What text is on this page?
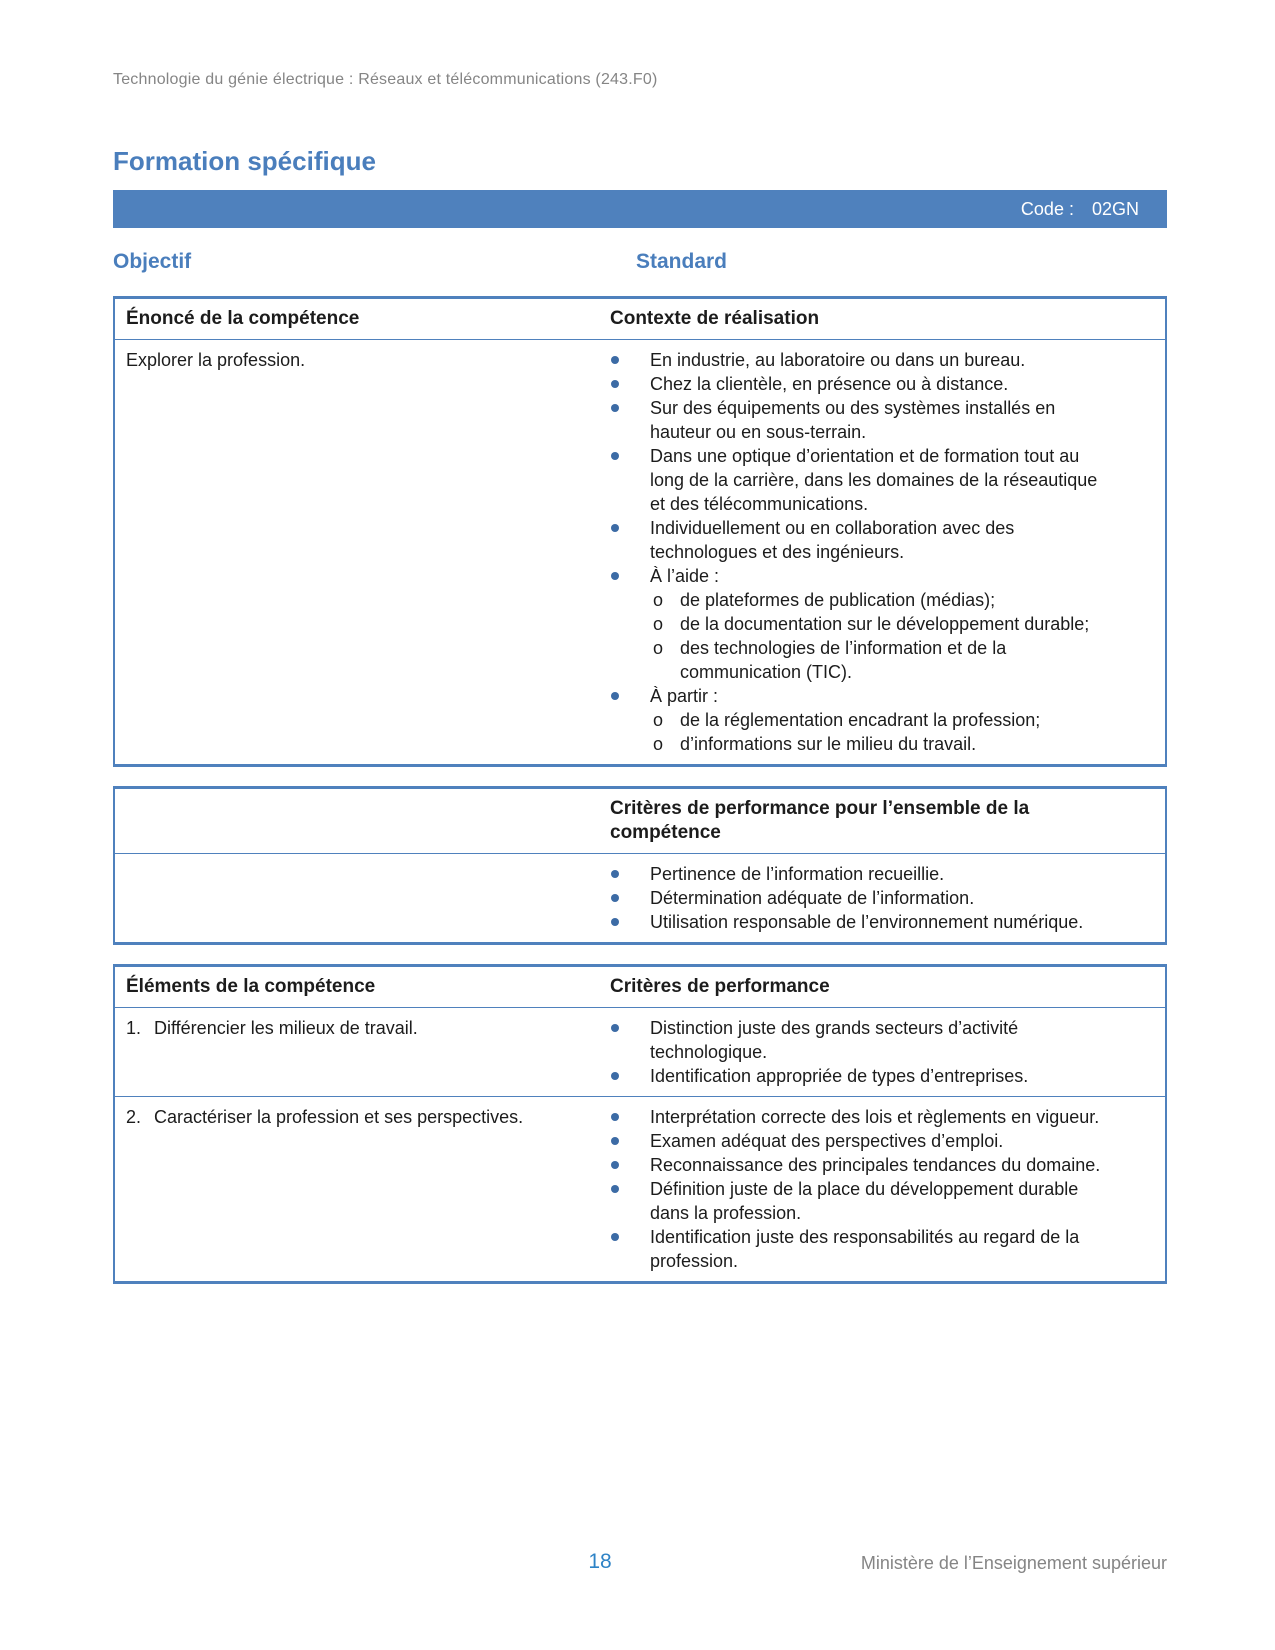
Technologie du génie électrique : Réseaux et télécommunications (243.F0)
Formation spécifique
Code : 02GN
Objectif	Standard
Énoncé de la compétence	Contexte de réalisation
Explorer la profession.	En industrie, au laboratoire ou dans un bureau.
Chez la clientèle, en présence ou à distance.
Sur des équipements ou des systèmes installés en hauteur ou en sous-terrain.
Dans une optique d’orientation et de formation tout au long de la carrière, dans les domaines de la réseautique et des télécommunications.
Individuellement ou en collaboration avec des technologues et des ingénieurs.
À l’aide :
o de plateformes de publication (médias);
o de la documentation sur le développement durable;
o des technologies de l’information et de la communication (TIC).
À partir :
o de la réglementation encadrant la profession;
o d’informations sur le milieu du travail.
Critères de performance pour l’ensemble de la compétence
Pertinence de l’information recueillie.
Détermination adéquate de l’information.
Utilisation responsable de l’environnement numérique.
Éléments de la compétence	Critères de performance
1. Différencier les milieux de travail.	Distinction juste des grands secteurs d’activité technologique.
Identification appropriée de types d’entreprises.
2. Caractériser la profession et ses perspectives.	Interprétation correcte des lois et règlements en vigueur.
Examen adéquat des perspectives d’emploi.
Reconnaissance des principales tendances du domaine.
Définition juste de la place du développement durable dans la profession.
Identification juste des responsabilités au regard de la profession.
18	Ministère de l’Enseignement supérieur
